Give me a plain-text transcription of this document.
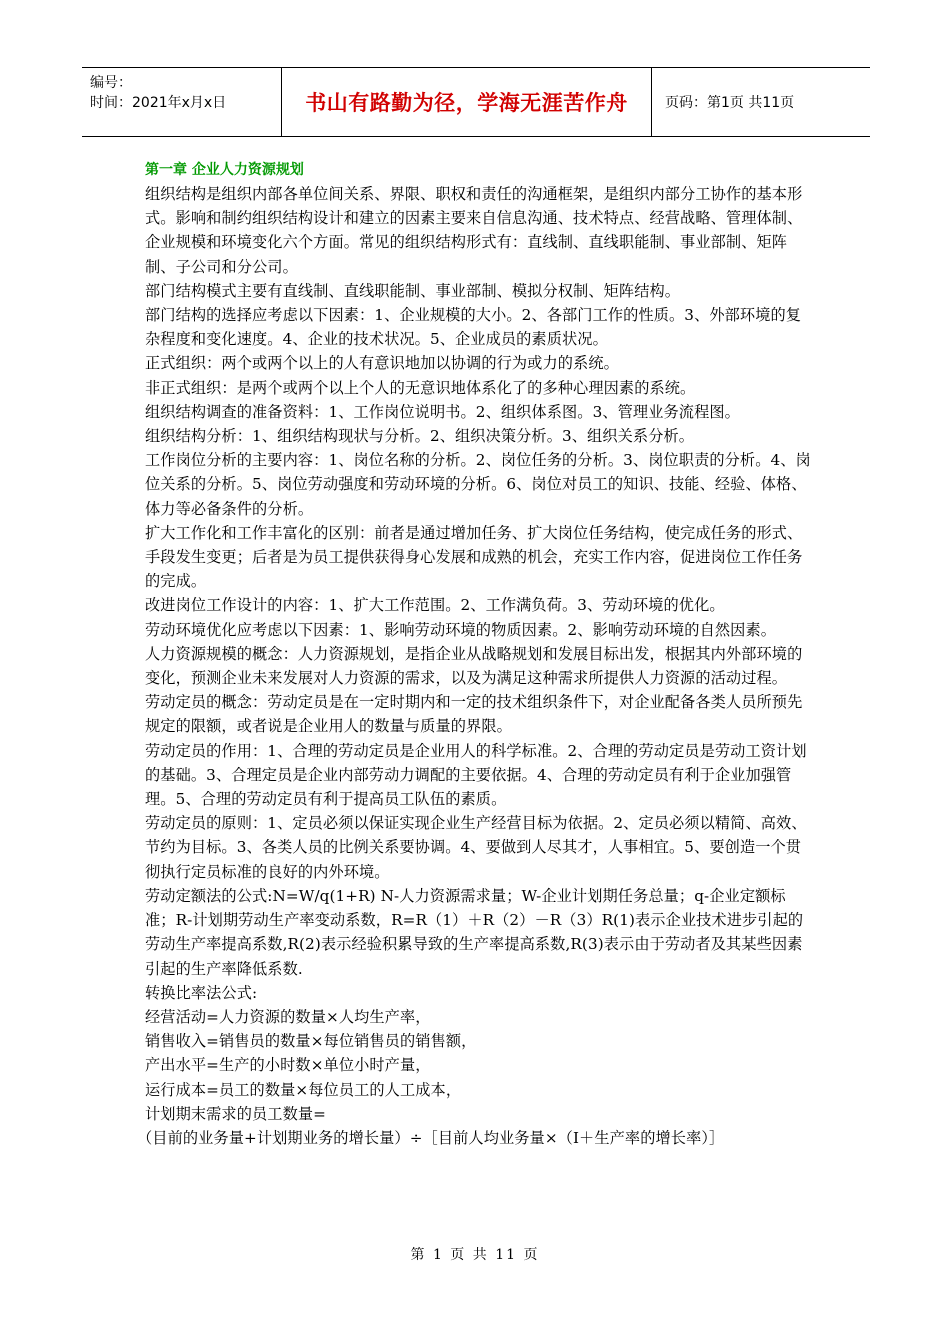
编号：
时间：2021年x月x日	书山有路勤为径，学海无涯苦作舟	页码：第1页 共11页

第一章 企业人力资源规划

组织结构是组织内部各单位间关系、界限、职权和责任的沟通框架，是组织内部分工协作的基本形式。影响和制约组织结构设计和建立的因素主要来自信息沟通、技术特点、经营战略、管理体制、企业规模和环境变化六个方面。常见的组织结构形式有：直线制、直线职能制、事业部制、矩阵制、子公司和分公司。

部门结构模式主要有直线制、直线职能制、事业部制、模拟分权制、矩阵结构。

部门结构的选择应考虑以下因素：1、企业规模的大小。2、各部门工作的性质。3、外部环境的复杂程度和变化速度。4、企业的技术状况。5、企业成员的素质状况。

正式组织：两个或两个以上的人有意识地加以协调的行为或力的系统。

非正式组织：是两个或两个以上个人的无意识地体系化了的多种心理因素的系统。

组织结构调查的准备资料：1、工作岗位说明书。2、组织体系图。3、管理业务流程图。

组织结构分析：1、组织结构现状与分析。2、组织决策分析。3、组织关系分析。

工作岗位分析的主要内容：1、岗位名称的分析。2、岗位任务的分析。3、岗位职责的分析。4、岗位关系的分析。5、岗位劳动强度和劳动环境的分析。6、岗位对员工的知识、技能、经验、体格、体力等必备条件的分析。

扩大工作化和工作丰富化的区别：前者是通过增加任务、扩大岗位任务结构，使完成任务的形式、手段发生变更；后者是为员工提供获得身心发展和成熟的机会，充实工作内容，促进岗位工作任务的完成。

改进岗位工作设计的内容：1、扩大工作范围。2、工作满负荷。3、劳动环境的优化。

劳动环境优化应考虑以下因素：1、影响劳动环境的物质因素。2、影响劳动环境的自然因素。

人力资源规模的概念：人力资源规划，是指企业从战略规划和发展目标出发，根据其内外部环境的变化，预测企业未来发展对人力资源的需求，以及为满足这种需求所提供人力资源的活动过程。

劳动定员的概念：劳动定员是在一定时期内和一定的技术组织条件下，对企业配备各类人员所预先规定的限额，或者说是企业用人的数量与质量的界限。

劳动定员的作用：1、合理的劳动定员是企业用人的科学标准。2、合理的劳动定员是劳动工资计划的基础。3、合理定员是企业内部劳动力调配的主要依据。4、合理的劳动定员有利于企业加强管理。5、合理的劳动定员有利于提高员工队伍的素质。

劳动定员的原则：1、定员必须以保证实现企业生产经营目标为依据。2、定员必须以精简、高效、节约为目标。3、各类人员的比例关系要协调。4、要做到人尽其才，人事相宜。5、要创造一个贯彻执行定员标准的良好的内外环境。

劳动定额法的公式:N=W/q(1+R) N-人力资源需求量；W-企业计划期任务总量；q-企业定额标准；R-计划期劳动生产率变动系数，R=R（1）＋R（2）－R（3）R(1)表示企业技术进步引起的劳动生产率提高系数,R(2)表示经验积累导致的生产率提高系数,R(3)表示由于劳动者及其某些因素引起的生产率降低系数.

转换比率法公式:

经营活动=人力资源的数量×人均生产率，

销售收入=销售员的数量×每位销售员的销售额，

产出水平=生产的小时数×单位小时产量，

运行成本=员工的数量×每位员工的人工成本，

计划期末需求的员工数量=

（目前的业务量+计划期业务的增长量）÷［目前人均业务量×（Ⅰ＋生产率的增长率）］

第 1 页 共 11 页
